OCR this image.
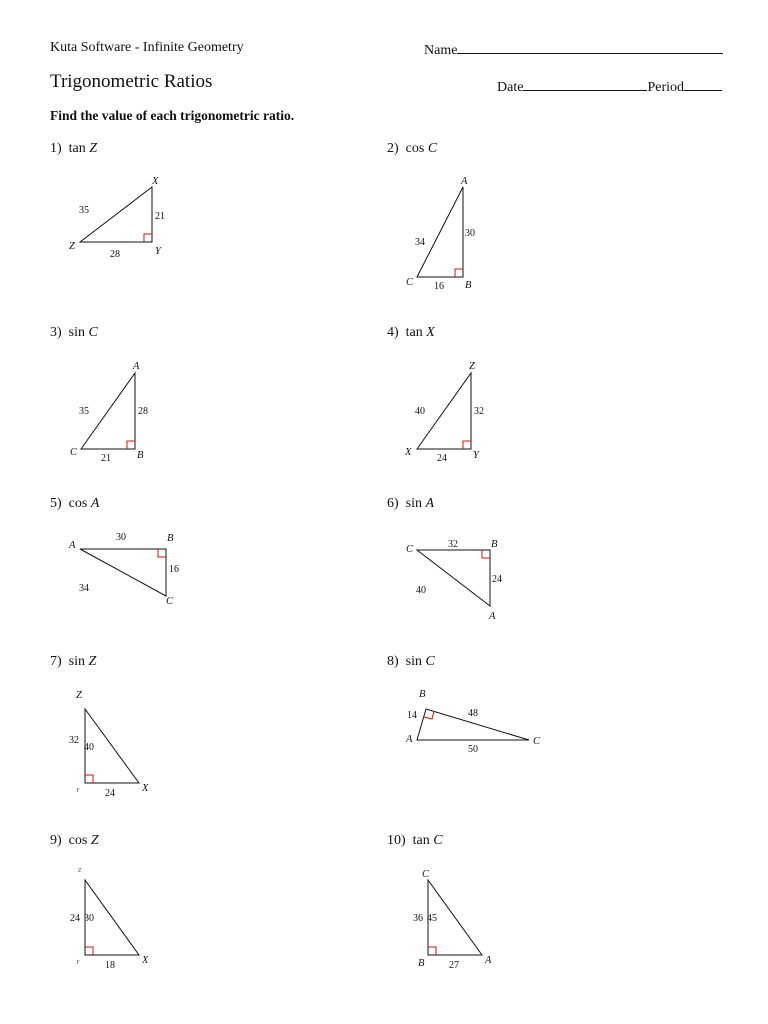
Kuta Software - Infinite Geometry	Name
Trigonometric Ratios	Date	Period
Find the value of each trigonometric ratio.
1) tan Z	2) cos C
3) sin C	4) tan X
5) cos A	6) sin A
7) sin Z	8) sin C
9) cos Z	10) tan C
X
Z	Y
35
21
28
A
C	B
34
30
16
A
C	B
35	28
21
Z
X	Y
40	32
24
A
B
C
30
16
34
C	B
A
32
24
40
Z
Y	X
32
40
24
B
A	C
14	48
50
Z
Y	X
24 30
18
C
B	A
36 45
27
